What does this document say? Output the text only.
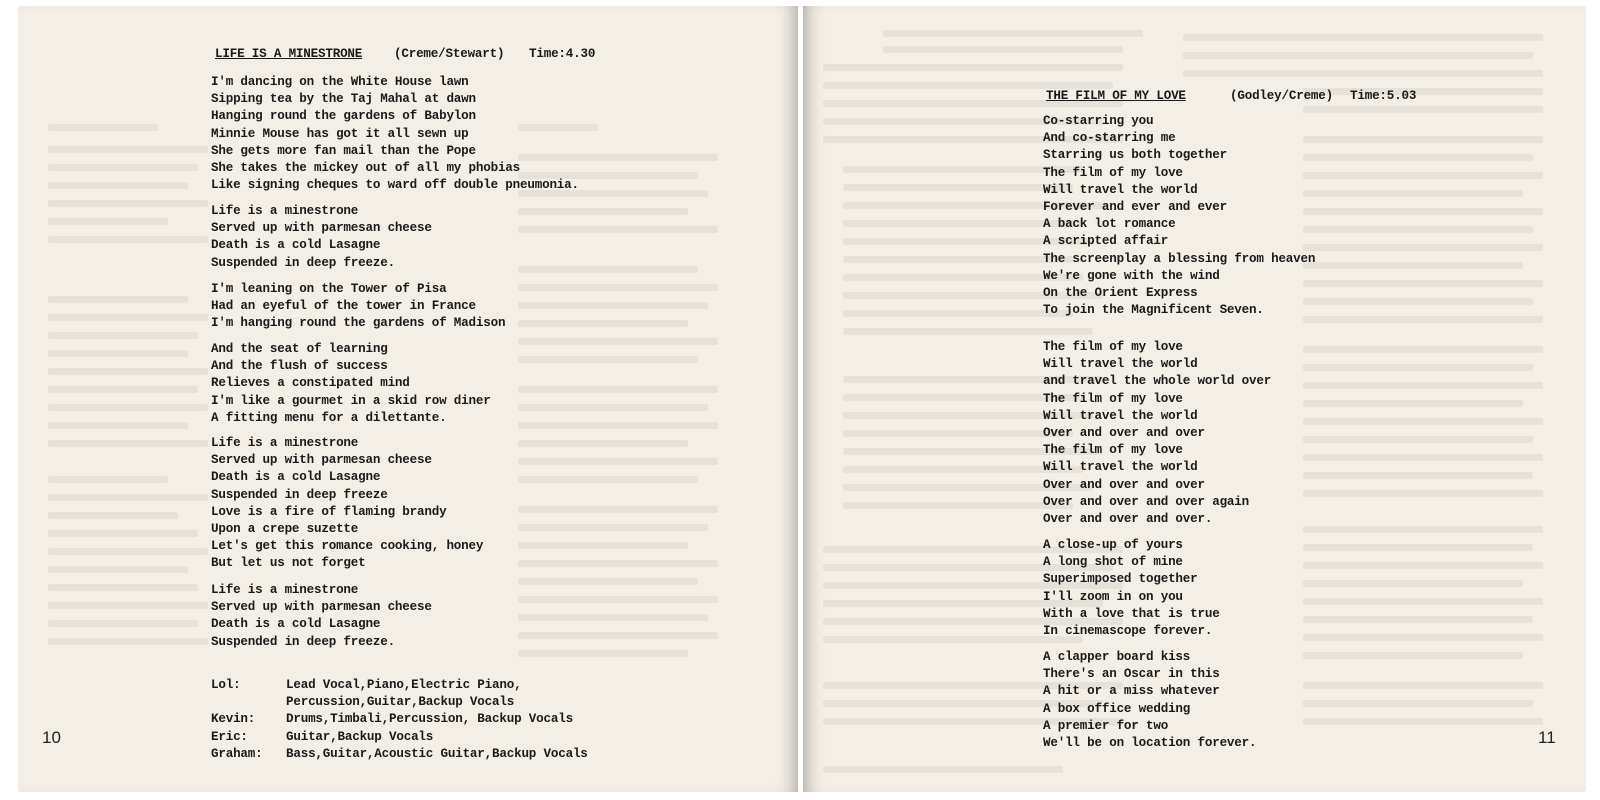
LIFE IS A MINESTRONE	(Creme/Stewart) Time:4.30
I'm dancing on the White House lawn
Sipping tea by the Taj Mahal at dawn
Hanging round the gardens of Babylon
Minnie Mouse has got it all sewn up
She gets more fan mail than the Pope
She takes the mickey out of all my phobias
Like signing cheques to ward off double pneumonia.
Life is a minestrone
Served up with parmesan cheese
Death is a cold Lasagne
Suspended in deep freeze.
I'm leaning on the Tower of Pisa
Had an eyeful of the tower in France
I'm hanging round the gardens of Madison
And the seat of learning
And the flush of success
Relieves a constipated mind
I'm like a gourmet in a skid row diner
A fitting menu for a dilettante.
Life is a minestrone
Served up with parmesan cheese
Death is a cold Lasagne
Suspended in deep freeze
Love is a fire of flaming brandy
Upon a crepe suzette
Let's get this romance cooking, honey
But let us not forget
Life is a minestrone
Served up with parmesan cheese
Death is a cold Lasagne
Suspended in deep freeze.
Lol:	Lead Vocal,Piano,Electric Piano,
Percussion,Guitar,Backup Vocals
Kevin:	Drums,Timbali,Percussion, Backup Vocals
Eric:	Guitar,Backup Vocals
Graham:	Bass,Guitar,Acoustic Guitar,Backup Vocals
10
THE FILM OF MY LOVE	(Godley/Creme) Time:5.03
Co-starring you
And co-starring me
Starring us both together
The film of my love
Will travel the world
Forever and ever and ever
A back lot romance
A scripted affair
The screenplay a blessing from heaven
We're gone with the wind
On the Orient Express
To join the Magnificent Seven.
The film of my love
Will travel the world
and travel the whole world over
The film of my love
Will travel the world
Over and over and over
The film of my love
Will travel the world
Over and over and over
Over and over and over again
Over and over and over.
A close-up of yours
A long shot of mine
Superimposed together
I'll zoom in on you
With a love that is true
In cinemascope forever.
A clapper board kiss
There's an Oscar in this
A hit or a miss whatever
A box office wedding
A premier for two
We'll be on location forever.	11
